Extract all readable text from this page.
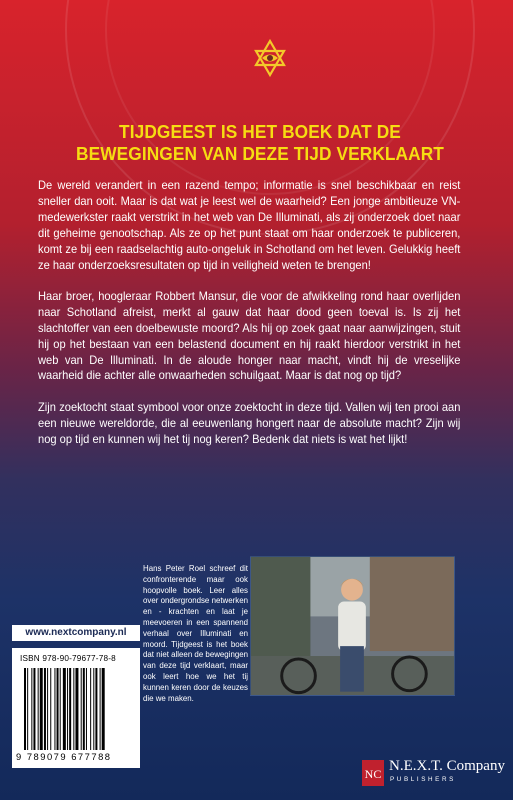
TIJDGEEST IS HET BOEK DAT DE
BEWEGINGEN VAN DEZE TIJD VERKLAART

De wereld verandert in een razend tempo; informatie is snel beschikbaar en reist sneller dan ooit. Maar is dat wat je leest wel de waarheid? Een jonge ambitieuze VN-medewerkster raakt verstrikt in het web van De Illuminati, als zij onderzoek doet naar dit geheime genootschap. Als ze op het punt staat om haar onderzoek te publiceren, komt ze bij een raadselachtig auto-ongeluk in Schotland om het leven. Gelukkig heeft ze haar onderzoeksresultaten op tijd in veiligheid weten te brengen!

Haar broer, hoogleraar Robbert Mansur, die voor de afwikkeling rond haar overlijden naar Schotland afreist, merkt al gauw dat haar dood geen toeval is. Is zij het slachtoffer van een doelbewuste moord? Als hij op zoek gaat naar aanwijzingen, stuit hij op het bestaan van een belastend document en hij raakt hierdoor verstrikt in het web van De Illuminati. In de aloude honger naar macht, vindt hij de vreselijke waarheid die achter alle onwaarheden schuilgaat. Maar is dat nog op tijd?

Zijn zoektocht staat symbool voor onze zoektocht in deze tijd. Vallen wij ten prooi aan een nieuwe wereldorde, die al eeuwenlang hongert naar de absolute macht? Zijn wij nog op tijd en kunnen wij het tij nog keren? Bedenk dat niets is wat het lijkt!

Hans Peter Roel schreef dit confronterende maar ook hoopvolle boek. Leer alles over ondergrondse netwerken en - krachten en laat je meevoeren in een spannend verhaal over Illuminati en moord. Tijdgeest is het boek dat niet alleen de bewegingen van deze tijd verklaart, maar ook leert hoe we het tij kunnen keren door de keuzes die we maken.

www.nextcompany.nl
ISBN 978-90-79677-78-8
9 789079 677788
NC N.E.X.T. Company
PUBLISHERS
